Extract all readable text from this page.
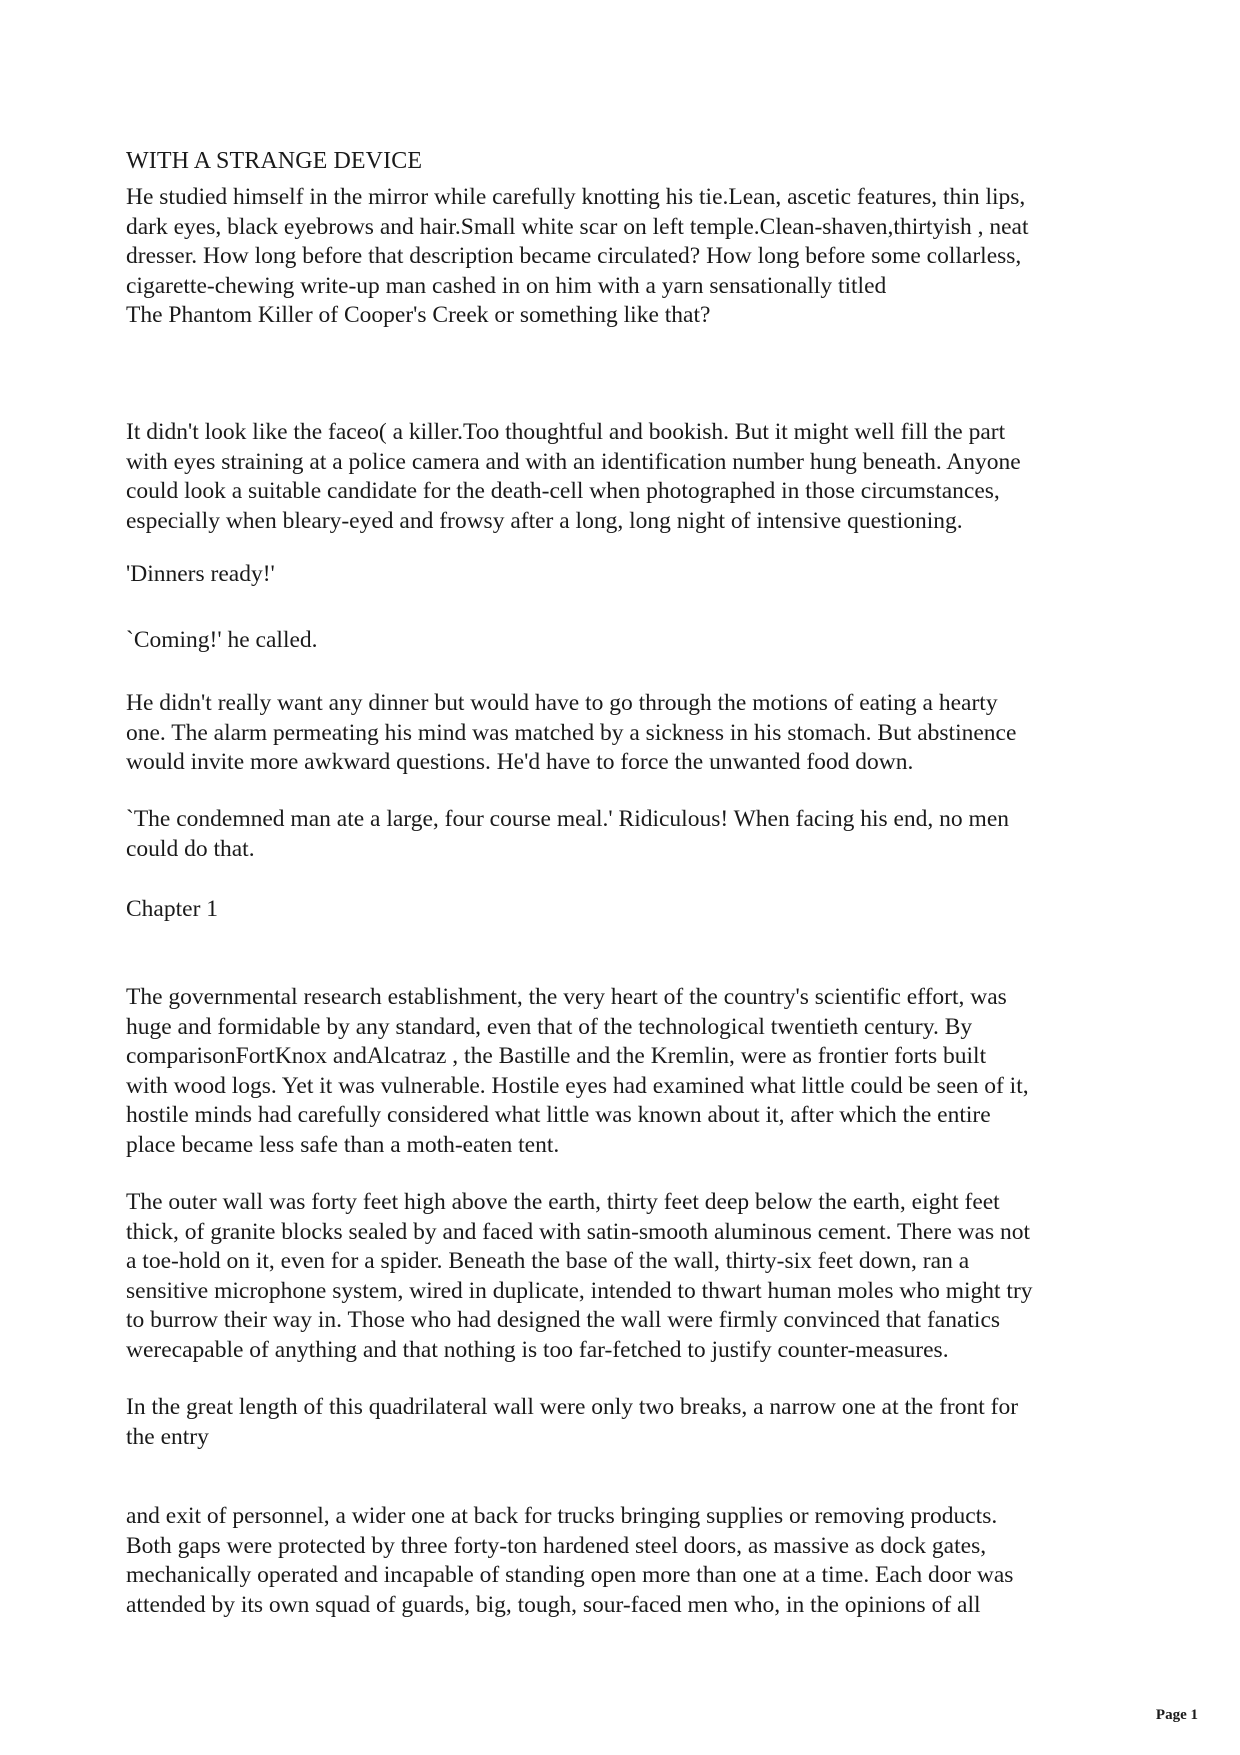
WITH A STRANGE DEVICE
He studied himself in the mirror while carefully knotting his tie.Lean, ascetic features, thin lips,
dark eyes, black eyebrows and hair.Small white scar on left temple.Clean-shaven,thirtyish , neat
dresser. How long before that description became circulated? How long before some collarless,
cigarette-chewing write-up man cashed in on him with a yarn sensationally titled
The Phantom Killer of Cooper's Creek or something like that?
It didn't look like the faceo( a killer.Too thoughtful and bookish. But it might well fill the part
with eyes straining at a police camera and with an identification number hung beneath. Anyone
could look a suitable candidate for the death-cell when photographed in those circumstances,
especially when bleary-eyed and frowsy after a long, long night of intensive questioning.
'Dinners ready!'
`Coming!' he called.
He didn't really want any dinner but would have to go through the motions of eating a hearty
one. The alarm permeating his mind was matched by a sickness in his stomach. But abstinence
would invite more awkward questions. He'd have to force the unwanted food down.
`The condemned man ate a large, four course meal.' Ridiculous! When facing his end, no men
could do that.
Chapter 1
The governmental research establishment, the very heart of the country's scientific effort, was
huge and formidable by any standard, even that of the technological twentieth century. By
comparisonFortKnox andAlcatraz , the Bastille and the Kremlin, were as frontier forts built
with wood logs. Yet it was vulnerable. Hostile eyes had examined what little could be seen of it,
hostile minds had carefully considered what little was known about it, after which the entire
place became less safe than a moth-eaten tent.
The outer wall was forty feet high above the earth, thirty feet deep below the earth, eight feet
thick, of granite blocks sealed by and faced with satin-smooth aluminous cement. There was not
a toe-hold on it, even for a spider. Beneath the base of the wall, thirty-six feet down, ran a
sensitive microphone system, wired in duplicate, intended to thwart human moles who might try
to burrow their way in. Those who had designed the wall were firmly convinced that fanatics
werecapable of anything and that nothing is too far-fetched to justify counter-measures.
In the great length of this quadrilateral wall were only two breaks, a narrow one at the front for
the entry
and exit of personnel, a wider one at back for trucks bringing supplies or removing products.
Both gaps were protected by three forty-ton hardened steel doors, as massive as dock gates,
mechanically operated and incapable of standing open more than one at a time. Each door was
attended by its own squad of guards, big, tough, sour-faced men who, in the opinions of all
Page 1
